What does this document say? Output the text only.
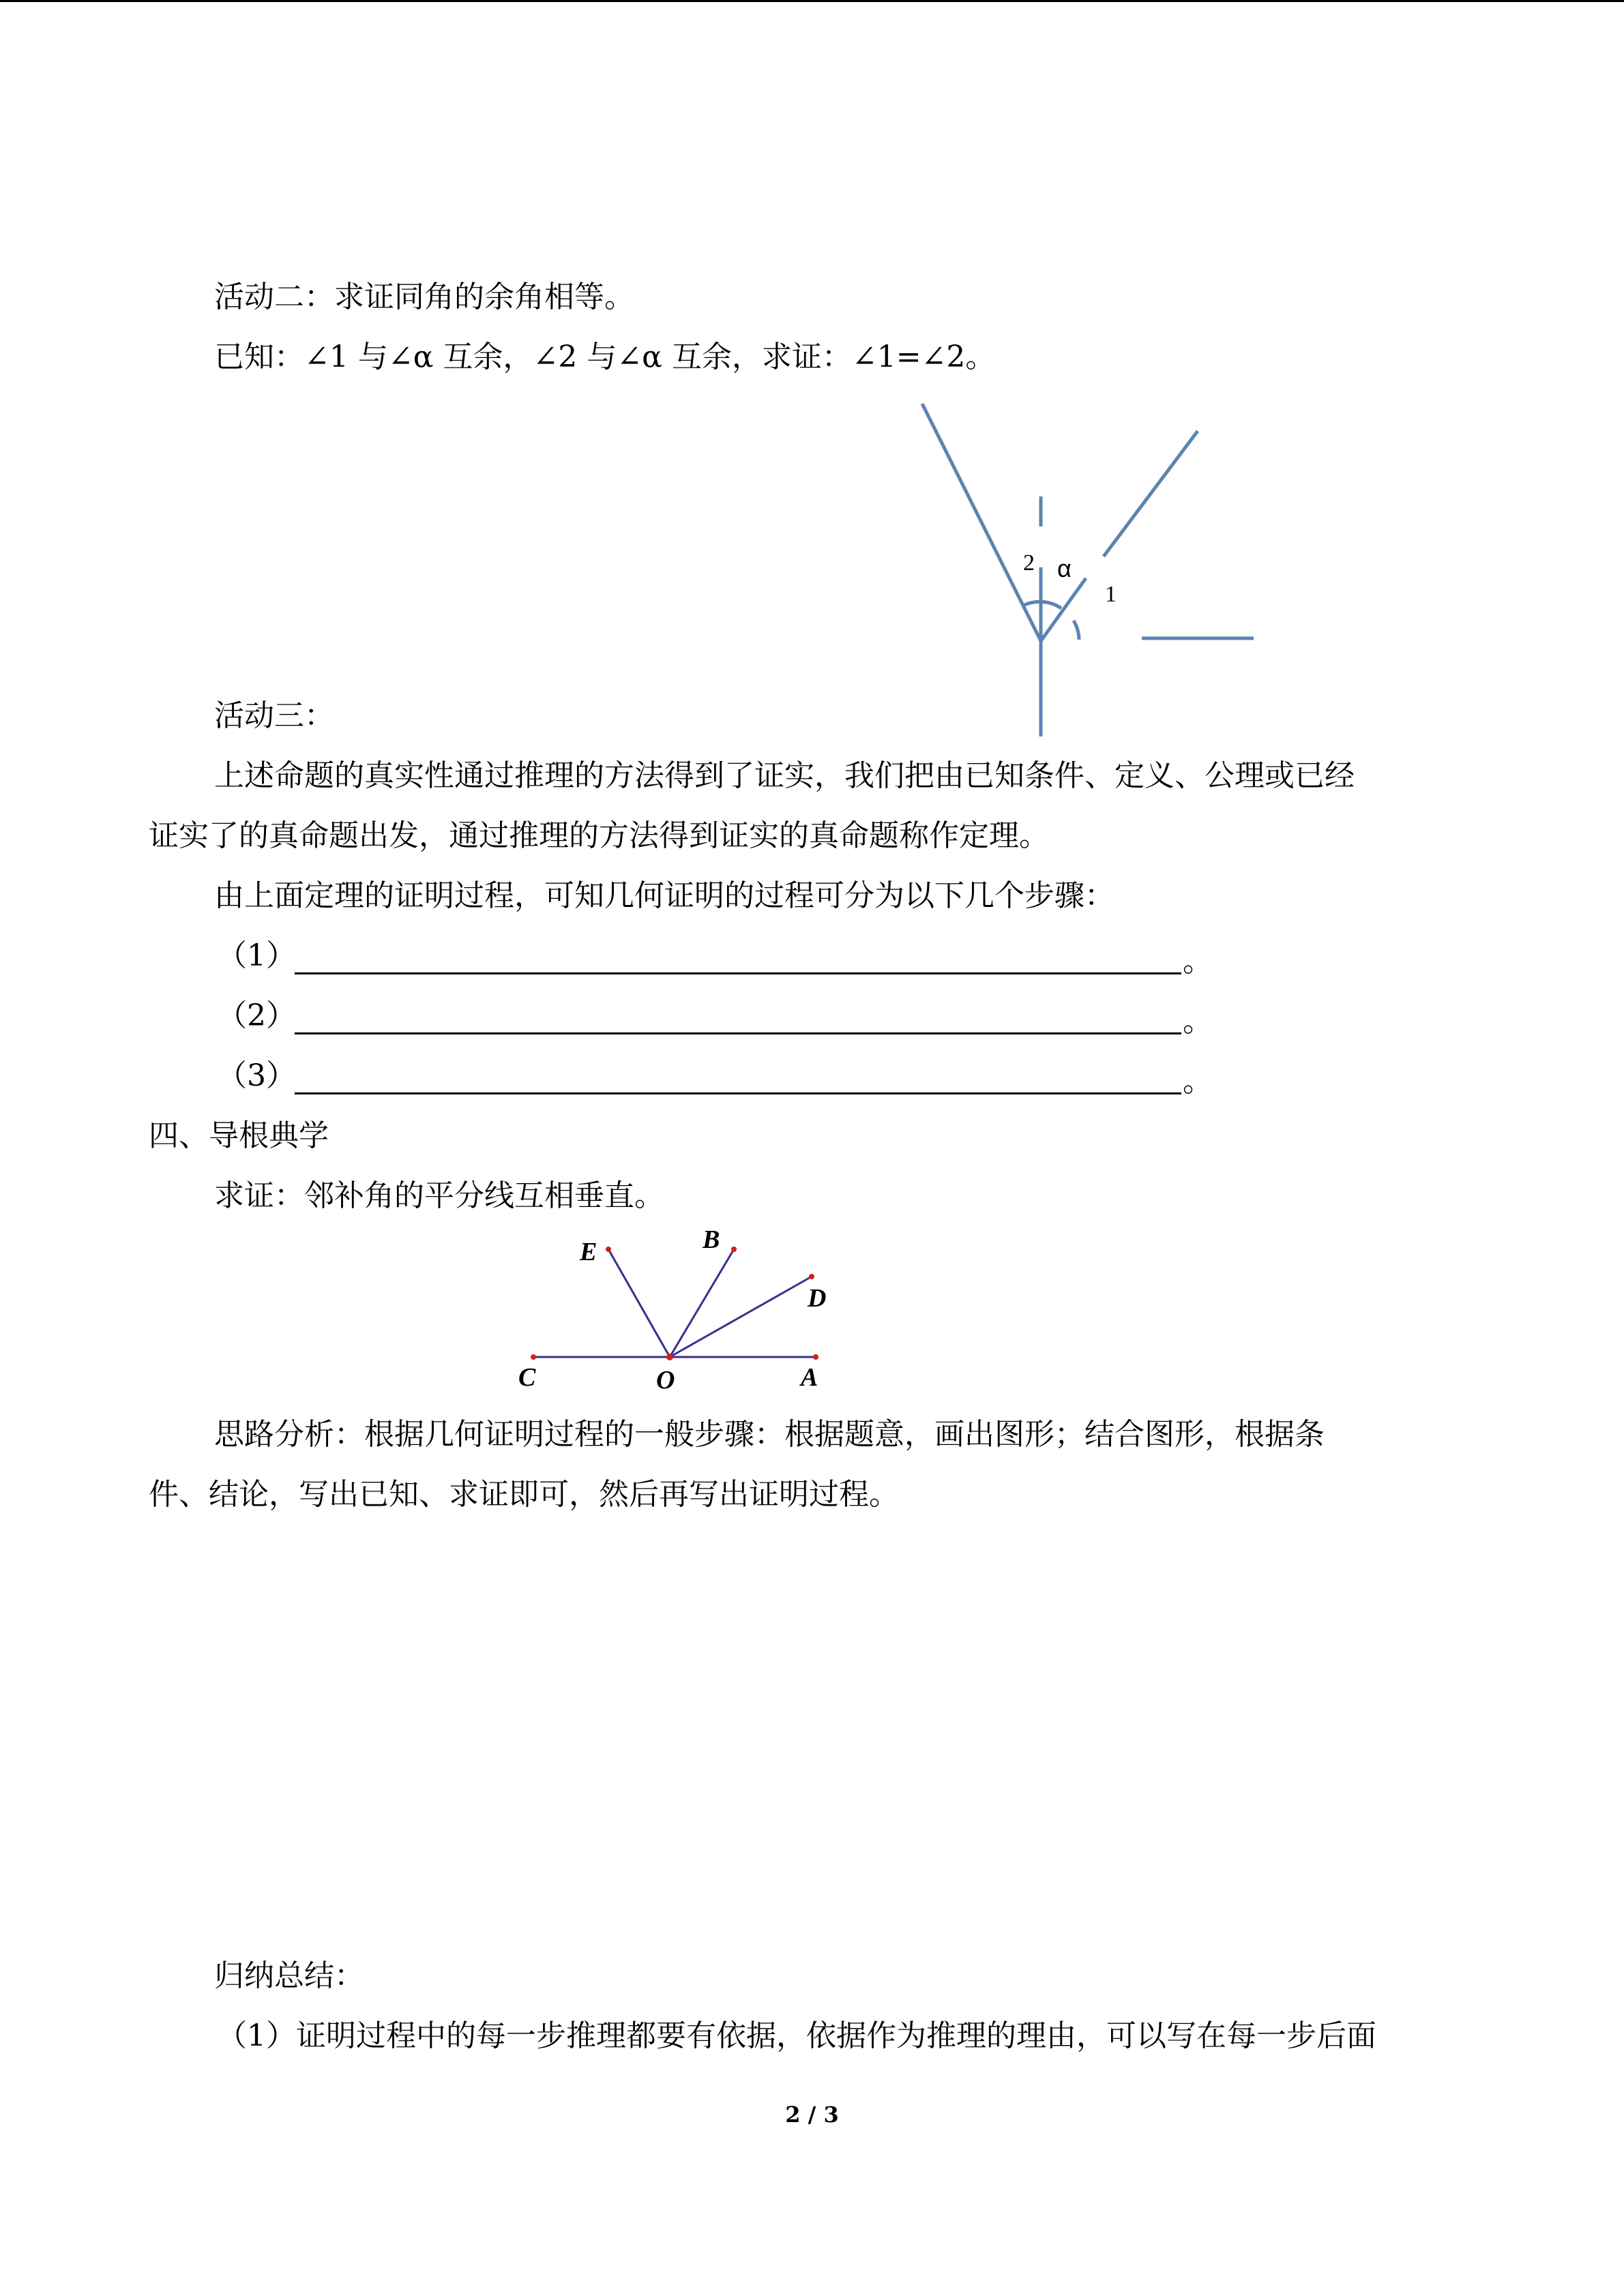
活动二：求证同角的余角相等。
已知：∠1 与∠α 互余，∠2 与∠α 互余，求证：∠1=∠2。
2 α
1
活动三：
上述命题的真实性通过推理的方法得到了证实，我们把由已知条件、定义、公理或已经
证实了的真命题出发，通过推理的方法得到证实的真命题称作定理。
由上面定理的证明过程，可知几何证明的过程可分为以下几个步骤：
（1）	。
（2）	。
（3）	。
四、导根典学
求证：邻补角的平分线互相垂直。
E	B
D
C	O	A
思路分析：根据几何证明过程的一般步骤：根据题意，画出图形；结合图形，根据条
件、结论，写出已知、求证即可，然后再写出证明过程。
归纳总结：
（1）证明过程中的每一步推理都要有依据，依据作为推理的理由，可以写在每一步后面
2 / 3
